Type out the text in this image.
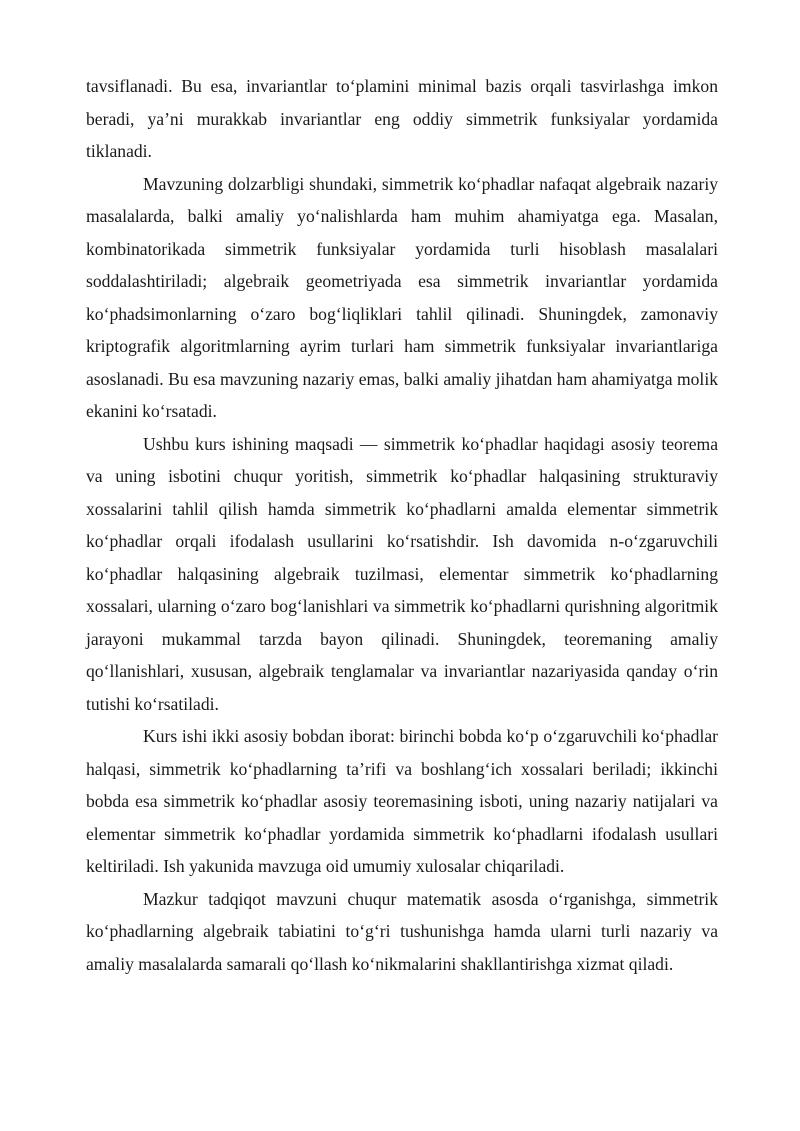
tavsiflanadi. Bu esa, invariantlar to‘plamini minimal bazis orqali tasvirlashga imkon beradi, ya’ni murakkab invariantlar eng oddiy simmetrik funksiyalar yordamida tiklanadi.

Mavzuning dolzarbligi shundaki, simmetrik ko‘phadlar nafaqat algebraik nazariy masalalarda, balki amaliy yo‘nalishlarda ham muhim ahamiyatga ega. Masalan, kombinatorikada simmetrik funksiyalar yordamida turli hisoblash masalalari soddalashtiriladi; algebraik geometriyada esa simmetrik invariantlar yordamida ko‘phadsimonlarning o‘zaro bog‘liqliklari tahlil qilinadi. Shuningdek, zamonaviy kriptografik algoritmlarning ayrim turlari ham simmetrik funksiyalar invariantlariga asoslanadi. Bu esa mavzuning nazariy emas, balki amaliy jihatdan ham ahamiyatga molik ekanini ko‘rsatadi.

Ushbu kurs ishining maqsadi — simmetrik ko‘phadlar haqidagi asosiy teorema va uning isbotini chuqur yoritish, simmetrik ko‘phadlar halqasining strukturaviy xossalarini tahlil qilish hamda simmetrik ko‘phadlarni amalda elementar simmetrik ko‘phadlar orqali ifodalash usullarini ko‘rsatishdir. Ish davomida n-o‘zgaruvchili ko‘phadlar halqasining algebraik tuzilmasi, elementar simmetrik ko‘phadlarning xossalari, ularning o‘zaro bog‘lanishlari va simmetrik ko‘phadlarni qurishning algoritmik jarayoni mukammal tarzda bayon qilinadi. Shuningdek, teoremaning amaliy qo‘llanishlari, xususan, algebraik tenglamalar va invariantlar nazariyasida qanday o‘rin tutishi ko‘rsatiladi.

Kurs ishi ikki asosiy bobdan iborat: birinchi bobda ko‘p o‘zgaruvchili ko‘phadlar halqasi, simmetrik ko‘phadlarning ta’rifi va boshlang‘ich xossalari beriladi; ikkinchi bobda esa simmetrik ko‘phadlar asosiy teoremasining isboti, uning nazariy natijalari va elementar simmetrik ko‘phadlar yordamida simmetrik ko‘phadlarni ifodalash usullari keltiriladi. Ish yakunida mavzuga oid umumiy xulosalar chiqariladi.

Mazkur tadqiqot mavzuni chuqur matematik asosda o‘rganishga, simmetrik ko‘phadlarning algebraik tabiatini to‘g‘ri tushunishga hamda ularni turli nazariy va amaliy masalalarda samarali qo‘llash ko‘nikmalarini shakllantirishga xizmat qiladi.
